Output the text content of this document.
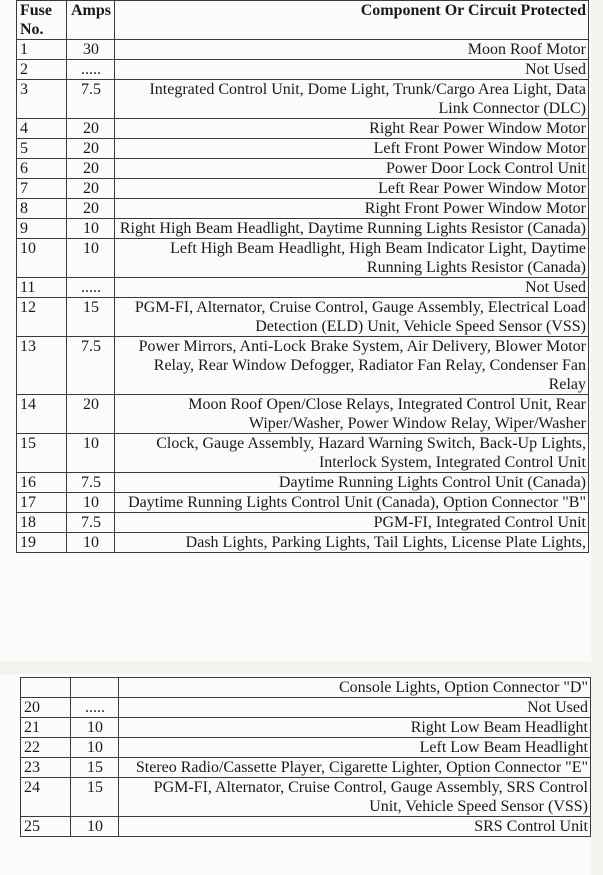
Fuse No.	Amps	Component Or Circuit Protected
1	30	Moon Roof Motor
2	.....	Not Used
3	7.5	Integrated Control Unit, Dome Light, Trunk/Cargo Area Light, Data Link Connector (DLC)
4	20	Right Rear Power Window Motor
5	20	Left Front Power Window Motor
6	20	Power Door Lock Control Unit
7	20	Left Rear Power Window Motor
8	20	Right Front Power Window Motor
9	10	Right High Beam Headlight, Daytime Running Lights Resistor (Canada)
10	10	Left High Beam Headlight, High Beam Indicator Light, Daytime Running Lights Resistor (Canada)
11	.....	Not Used
12	15	PGM-FI, Alternator, Cruise Control, Gauge Assembly, Electrical Load Detection (ELD) Unit, Vehicle Speed Sensor (VSS)
13	7.5	Power Mirrors, Anti-Lock Brake System, Air Delivery, Blower Motor Relay, Rear Window Defogger, Radiator Fan Relay, Condenser Fan Relay
14	20	Moon Roof Open/Close Relays, Integrated Control Unit, Rear Wiper/Washer, Power Window Relay, Wiper/Washer
15	10	Clock, Gauge Assembly, Hazard Warning Switch, Back-Up Lights, Interlock System, Integrated Control Unit
16	7.5	Daytime Running Lights Control Unit (Canada)
17	10	Daytime Running Lights Control Unit (Canada), Option Connector "B"
18	7.5	PGM-FI, Integrated Control Unit
19	10	Dash Lights, Parking Lights, Tail Lights, License Plate Lights,
		Console Lights, Option Connector "D"
20	.....	Not Used
21	10	Right Low Beam Headlight
22	10	Left Low Beam Headlight
23	15	Stereo Radio/Cassette Player, Cigarette Lighter, Option Connector "E"
24	15	PGM-FI, Alternator, Cruise Control, Gauge Assembly, SRS Control Unit, Vehicle Speed Sensor (VSS)
25	10	SRS Control Unit
